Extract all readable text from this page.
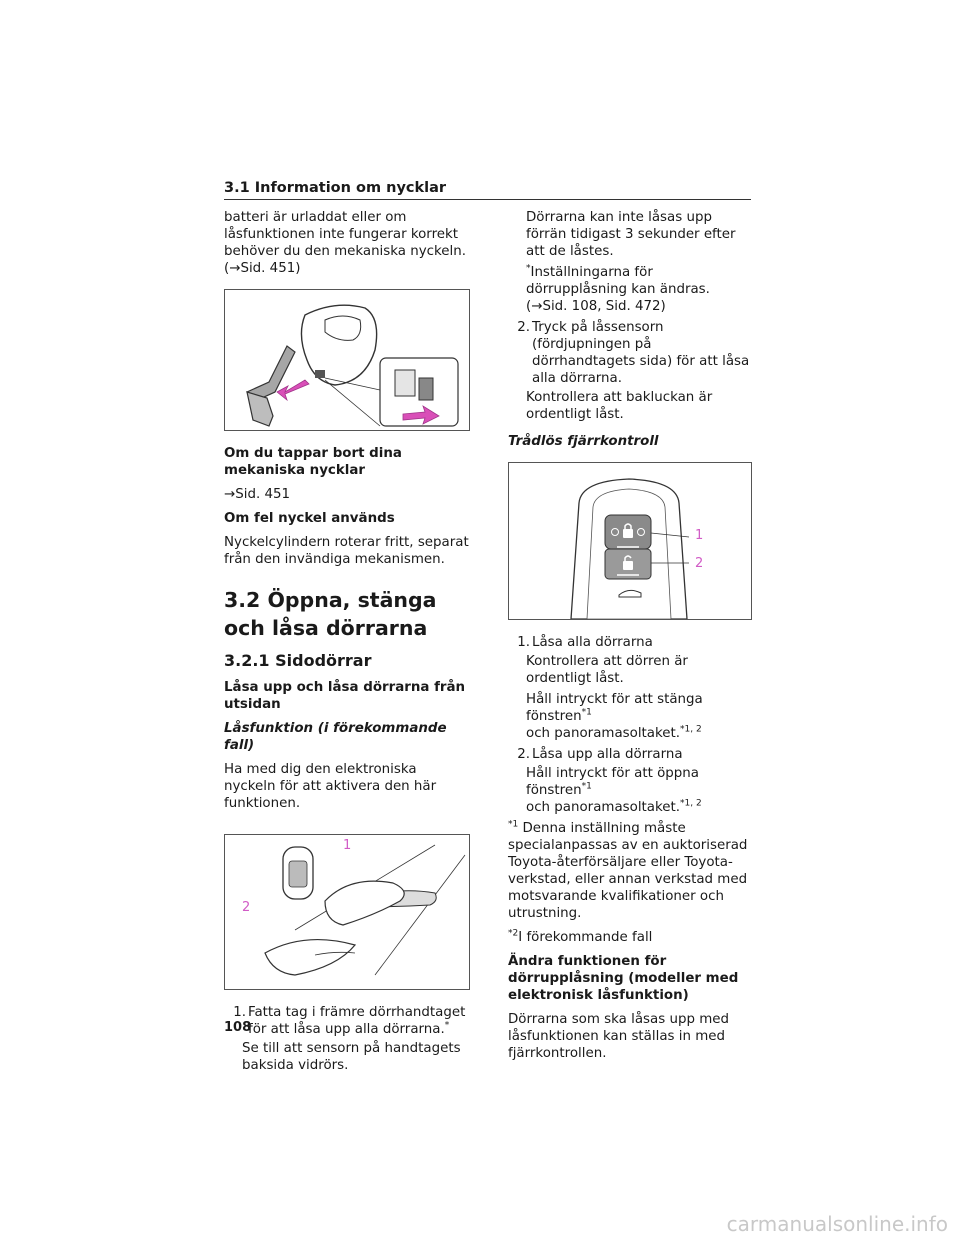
3.1 Information om nycklar

batteri är urladdat eller om låsfunktionen inte fungerar korrekt behöver du den mekaniska nyckeln. (→Sid. 451)

Om du tappar bort dina mekaniska nycklar

→Sid. 451

Om fel nyckel används

Nyckelcylindern roterar fritt, separat från den invändiga mekanismen.

3.2 Öppna, stänga och låsa dörrarna
3.2.1 Sidodörrar

Låsa upp och låsa dörrarna från utsidan

Låsfunktion (i förekommande fall)

Ha med dig den elektroniska nyckeln för att aktivera den här funktionen.

1
2
1. Fatta tag i främre dörrhandtaget för att låsa upp alla dörrarna.*

Se till att sensorn på handtagets baksida vidrörs.

Dörrarna kan inte låsas upp förrän tidigast 3 sekunder efter att de låstes.

*Inställningarna för dörrupplåsning kan ändras. (→Sid. 108, Sid. 472)

2. Tryck på låssensorn (fördjupningen på dörrhandtagets sida) för att låsa alla dörrarna.

Kontrollera att bakluckan är ordentligt låst.

Trådlös fjärrkontroll

1
2
1. Låsa alla dörrarna

Kontrollera att dörren är ordentligt låst.

Håll intryckt för att stänga fönstren$^{*1}$
och panoramasoltaket.$^{*1, 2}$

2. Låsa upp alla dörrarna

Håll intryckt för att öppna fönstren$^{*1}$
och panoramasoltaket.$^{*1, 2}$

$^{*1}$ Denna inställning måste specialanpassas av en auktoriserad Toyota-återförsäljare eller Toyota-verkstad, eller annan verkstad med motsvarande kvalifikationer och utrustning.

$^{*2}$I förekommande fall

Ändra funktionen för dörrupplåsning (modeller med elektronisk låsfunktion)

Dörrarna som ska låsas upp med låsfunktionen kan ställas in med fjärrkontrollen.

108
carmanualsonline.info
